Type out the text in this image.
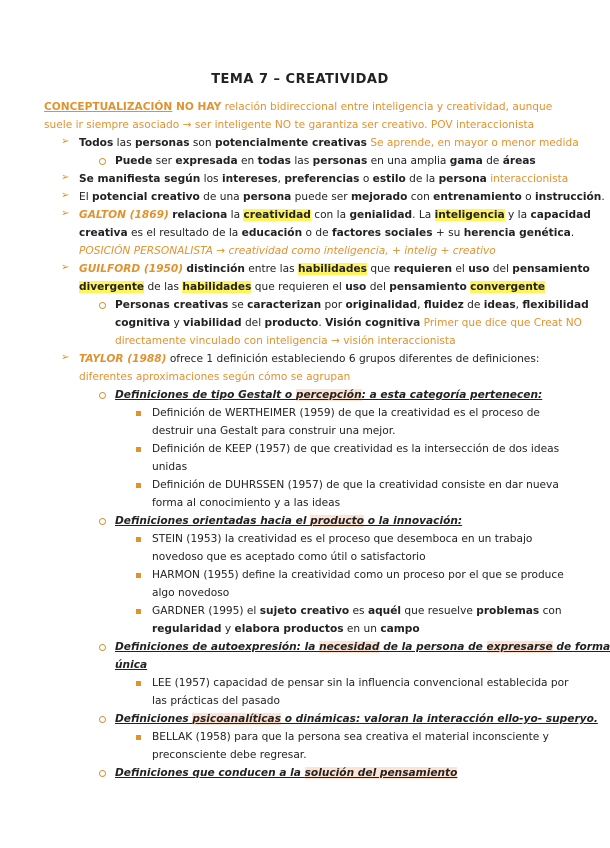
TEMA 7 – CREATIVIDAD
CONCEPTUALIZACIÓN NO HAY relación bidireccional entre inteligencia y creatividad, aunque
suele ir siempre asociado → ser inteligente NO te garantiza ser creativo. POV interaccionista
➢ Todos las personas son potencialmente creativas Se aprende, en mayor o menor medida
Puede ser expresada en todas las personas en una amplia gama de áreas
➢ Se manifiesta según los intereses, preferencias o estilo de la persona interaccionista
➢ El potencial creativo de una persona puede ser mejorado con entrenamiento o instrucción.
➢ GALTON (1869) relaciona la creatividad con la genialidad. La inteligencia y la capacidad
creativa es el resultado de la educación o de factores sociales + su herencia genética.
POSICIÓN PERSONALISTA → creatividad como inteligencia, + intelig + creativo
➢ GUILFORD (1950) distinción entre las habilidades que requieren el uso del pensamiento
divergente de las habilidades que requieren el uso del pensamiento convergente
Personas creativas se caracterizan por originalidad, fluidez de ideas, flexibilidad
cognitiva y viabilidad del producto. Visión cognitiva Primer que dice que Creat NO
directamente vinculado con inteligencia → visión interaccionista
➢ TAYLOR (1988) ofrece 1 definición estableciendo 6 grupos diferentes de definiciones:
diferentes aproximaciones según cómo se agrupan
Definiciones de tipo Gestalt o percepción: a esta categoría pertenecen:
Definición de WERTHEIMER (1959) de que la creatividad es el proceso de
destruir una Gestalt para construir una mejor.
Definición de KEEP (1957) de que creatividad es la intersección de dos ideas
unidas
Definición de DUHRSSEN (1957) de que la creatividad consiste en dar nueva
forma al conocimiento y a las ideas
Definiciones orientadas hacia el producto o la innovación:
STEIN (1953) la creatividad es el proceso que desemboca en un trabajo
novedoso que es aceptado como útil o satisfactorio
HARMON (1955) define la creatividad como un proceso por el que se produce
algo novedoso
GARDNER (1995) el sujeto creativo es aquél que resuelve problemas con
regularidad y elabora productos en un campo
Definiciones de autoexpresión: la necesidad de la persona de expresarse de forma
única
LEE (1957) capacidad de pensar sin la influencia convencional establecida por
las prácticas del pasado
Definiciones psicoanalíticas o dinámicas: valoran la interacción ello-yo- superyo.
BELLAK (1958) para que la persona sea creativa el material inconsciente y
preconsciente debe regresar.
Definiciones que conducen a la solución del pensamiento
